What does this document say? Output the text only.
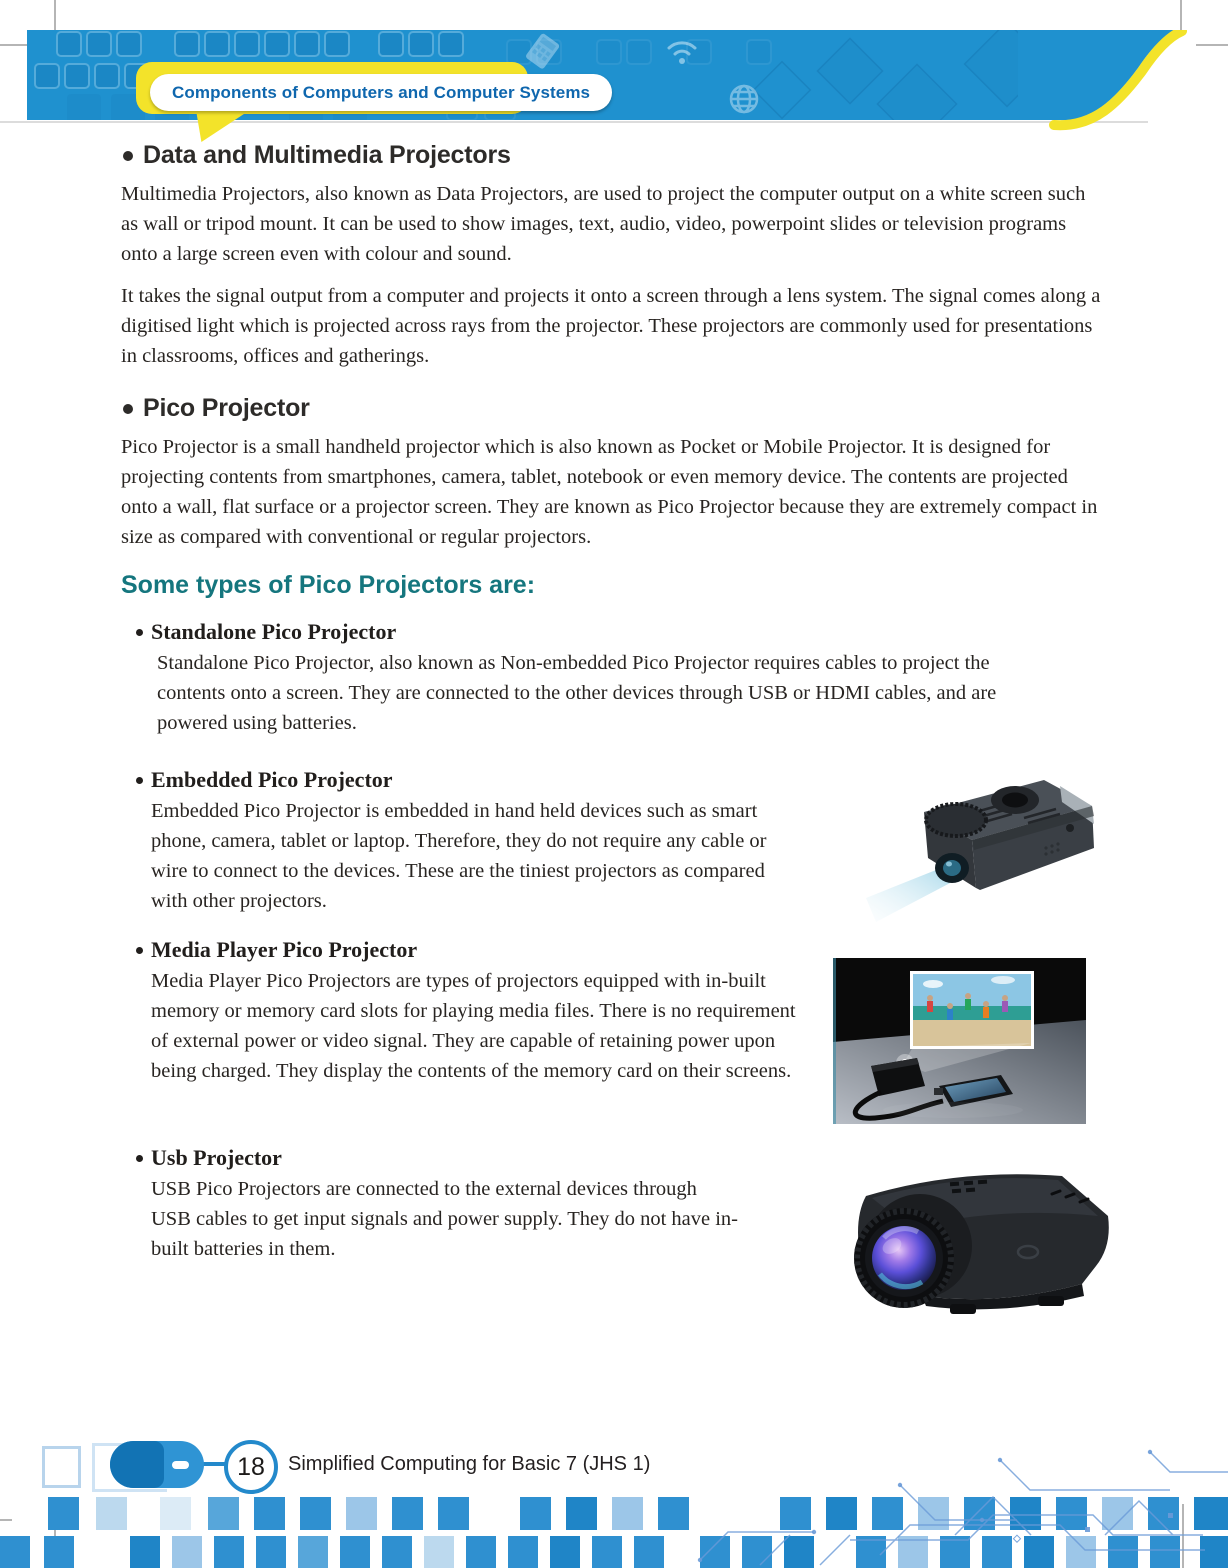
Components of Computers and Computer Systems
Data and Multimedia Projectors

Multimedia Projectors, also known as Data Projectors, are used to project the computer output on a white screen such as wall or tripod mount. It can be used to show images, text, audio, video, powerpoint slides or television programs onto a large screen even with colour and sound.

It takes the signal output from a computer and projects it onto a screen through a lens system. The signal comes along a digitised light which is projected across rays from the projector. These projectors are commonly used for presentations in classrooms, offices and gatherings.

Pico Projector

Pico Projector is a small handheld projector which is also known as Pocket or Mobile Projector. It is designed for projecting contents from smartphones, camera, tablet, notebook or even memory device. The contents are projected onto a wall, flat surface or a projector screen. They are known as Pico Projector because they are extremely compact in size as compared with conventional or regular projectors.

Some types of Pico Projectors are:
Standalone Pico Projector

Standalone Pico Projector, also known as Non-embedded Pico Projector requires cables to project the contents onto a screen. They are connected to the other devices through USB or HDMI cables, and are powered using batteries.

Embedded Pico Projector

Embedded Pico Projector is embedded in hand held devices such as smart phone, camera, tablet or laptop. Therefore, they do not require any cable or wire to connect to the devices. These are the tiniest projectors as compared with other projectors.

Media Player Pico Projector

Media Player Pico Projectors are types of projectors equipped with in-built memory or memory card slots for playing media files. There is no requirement of external power or video signal. They are capable of retaining power upon being charged. They display the contents of the memory card on their screens.

Usb Projector

USB Pico Projectors are connected to the external devices through USB cables to get input signals and power supply. They do not have in-built batteries in them.

18 Simplified Computing for Basic 7 (JHS 1)
